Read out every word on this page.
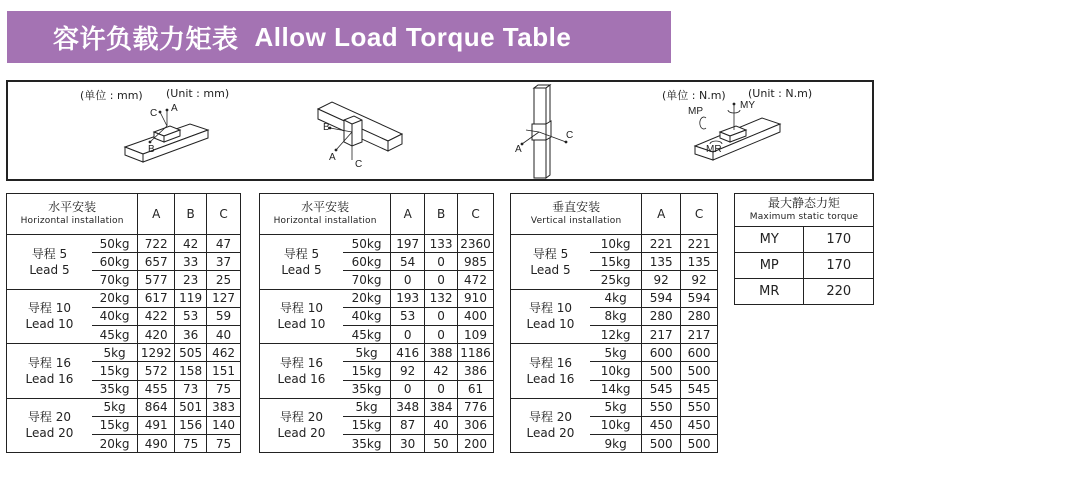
容许负载力矩表 Allow Load Torque Table
(单位 : mm) (Unit : mm)	(单位 : N.m) (Unit : N.m)
A
C
B
B
A
C
C
A
MY
MP
MR
水平安装
Horizontal installation		A	B	C

导程 5
Lead 5	50kg	722	42	47
	60kg	657	33	37
	70kg	577	23	25

导程 10
Lead 10	20kg	617	119	127
	40kg	422	53	59
	45kg	420	36	40

导程 16
Lead 16	5kg	1292	505	462
	15kg	572	158	151
	35kg	455	73	75

导程 20
Lead 20	5kg	864	501	383
	15kg	491	156	140
	20kg	490	75	75
水平安装
Horizontal installation		A	B	C

导程 5
Lead 5	50kg	197	133	2360
	60kg	54	0	985
	70kg	0	0	472

导程 10
Lead 10	20kg	193	132	910
	40kg	53	0	400
	45kg	0	0	109

导程 16
Lead 16	5kg	416	388	1186
	15kg	92	42	386
	35kg	0	0	61

导程 20
Lead 20	5kg	348	384	776
	15kg	87	40	306
	35kg	30	50	200
垂直安装
Vertical installation		A	C

导程 5
Lead 5	10kg	221	221
	15kg	135	135
	25kg	92	92

导程 10
Lead 10	4kg	594	594
	8kg	280	280
	12kg	217	217

导程 16
Lead 16	5kg	600	600
	10kg	500	500
	14kg	545	545

导程 20
Lead 20	5kg	550	550
	10kg	450	450
	9kg	500	500
最大静态力矩
Maximum static torque	

MY	170
MP	170
MR	220
